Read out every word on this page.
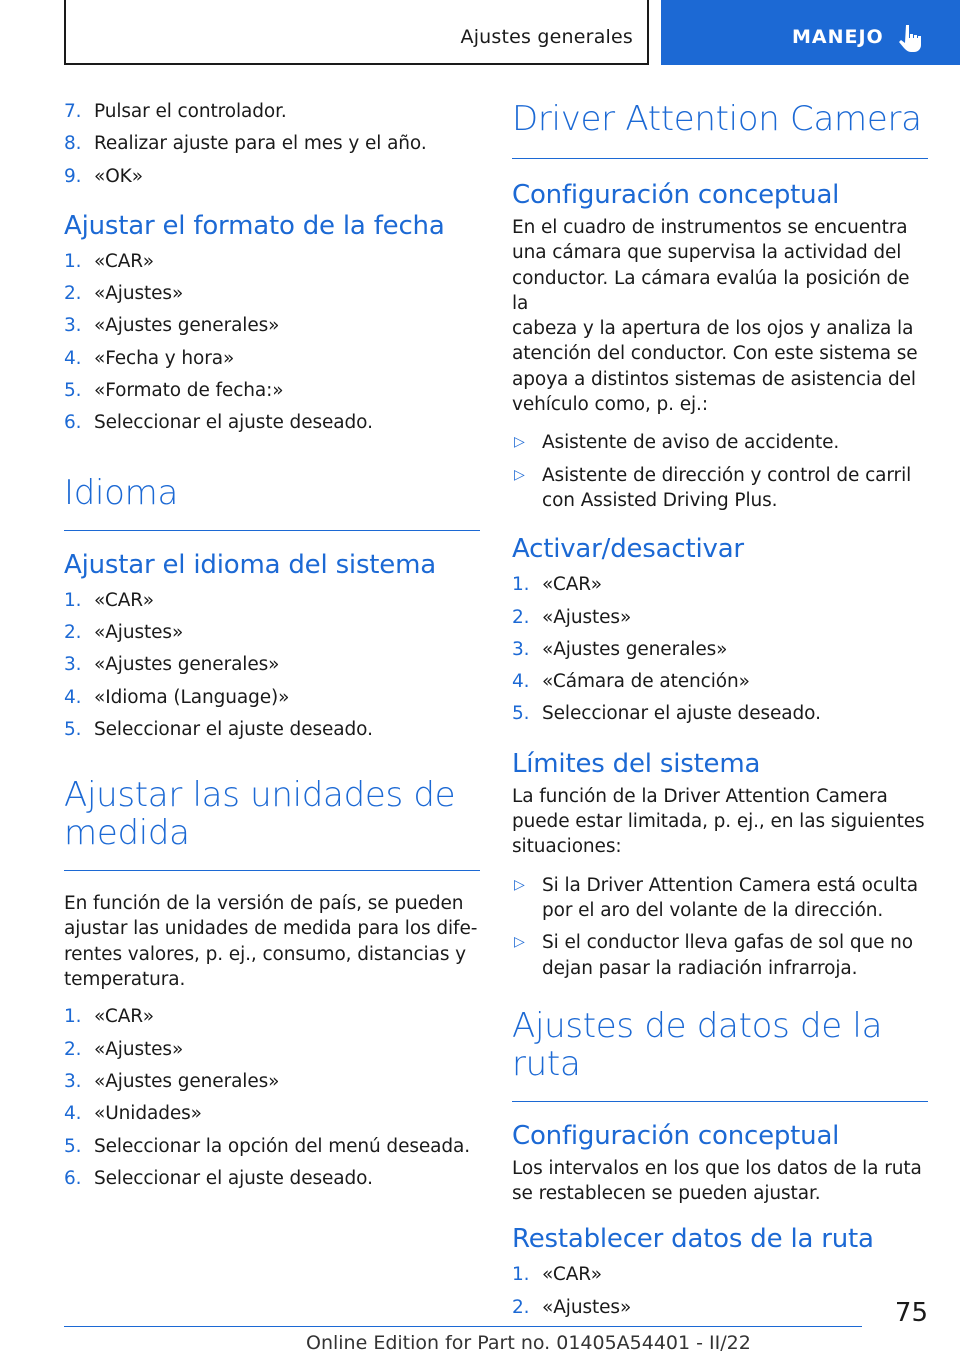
Ajustes generales	MANEJO
7. Pulsar el controlador.
8. Realizar ajuste para el mes y el año.
9. «OK»
Ajustar el formato de la fecha
1. «CAR»
2. «Ajustes»
3. «Ajustes generales»
4. «Fecha y hora»
5. «Formato de fecha:»
6. Seleccionar el ajuste deseado.
Idioma
Ajustar el idioma del sistema
1. «CAR»
2. «Ajustes»
3. «Ajustes generales»
4. «Idioma (Language)»
5. Seleccionar el ajuste deseado.
Ajustar las unidades de
medida
En función de la versión de país, se pueden
ajustar las unidades de medida para los dife‐
rentes valores, p. ej., consumo, distancias y
temperatura.
1. «CAR»
2. «Ajustes»
3. «Ajustes generales»
4. «Unidades»
5. Seleccionar la opción del menú deseada.
6. Seleccionar el ajuste deseado.
Driver Attention Camera
Configuración conceptual
En el cuadro de instrumentos se encuentra
una cámara que supervisa la actividad del
conductor. La cámara evalúa la posición de la
cabeza y la apertura de los ojos y analiza la
atención del conductor. Con este sistema se
apoya a distintos sistemas de asistencia del
vehículo como, p. ej.:
▷ Asistente de aviso de accidente.
▷ Asistente de dirección y control de carril
con Assisted Driving Plus.
Activar/desactivar
1. «CAR»
2. «Ajustes»
3. «Ajustes generales»
4. «Cámara de atención»
5. Seleccionar el ajuste deseado.
Límites del sistema
La función de la Driver Attention Camera
puede estar limitada, p. ej., en las siguientes
situaciones:
▷ Si la Driver Attention Camera está oculta
por el aro del volante de la dirección.
▷ Si el conductor lleva gafas de sol que no
dejan pasar la radiación infrarroja.
Ajustes de datos de la ruta
Configuración conceptual
Los intervalos en los que los datos de la ruta
se restablecen se pueden ajustar.
Restablecer datos de la ruta
1. «CAR»
2. «Ajustes»	75
Online Edition for Part no. 01405A54401 - II/22
